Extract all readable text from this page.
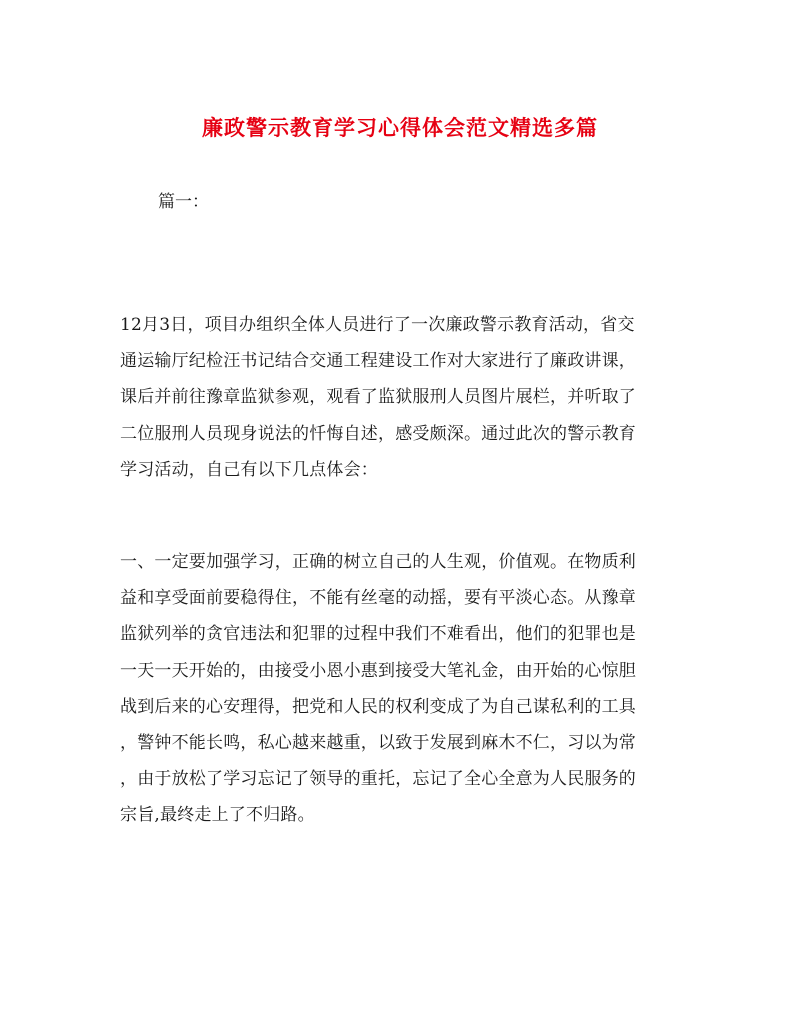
廉政警示教育学习心得体会范文精选多篇
篇一：
12月3日，项目办组织全体人员进行了一次廉政警示教育活动，省交
通运输厅纪检汪书记结合交通工程建设工作对大家进行了廉政讲课，
课后并前往豫章监狱参观，观看了监狱服刑人员图片展栏，并听取了
二位服刑人员现身说法的忏悔自述，感受颇深。通过此次的警示教育
学习活动，自己有以下几点体会：
一、一定要加强学习，正确的树立自己的人生观，价值观。在物质利
益和享受面前要稳得住，不能有丝毫的动摇，要有平淡心态。从豫章
监狱列举的贪官违法和犯罪的过程中我们不难看出，他们的犯罪也是
一天一天开始的，由接受小恩小惠到接受大笔礼金，由开始的心惊胆
战到后来的心安理得，把党和人民的权利变成了为自己谋私利的工具
，警钟不能长鸣，私心越来越重，以致于发展到麻木不仁，习以为常
，由于放松了学习忘记了领导的重托，忘记了全心全意为人民服务的
宗旨,最终走上了不归路。
